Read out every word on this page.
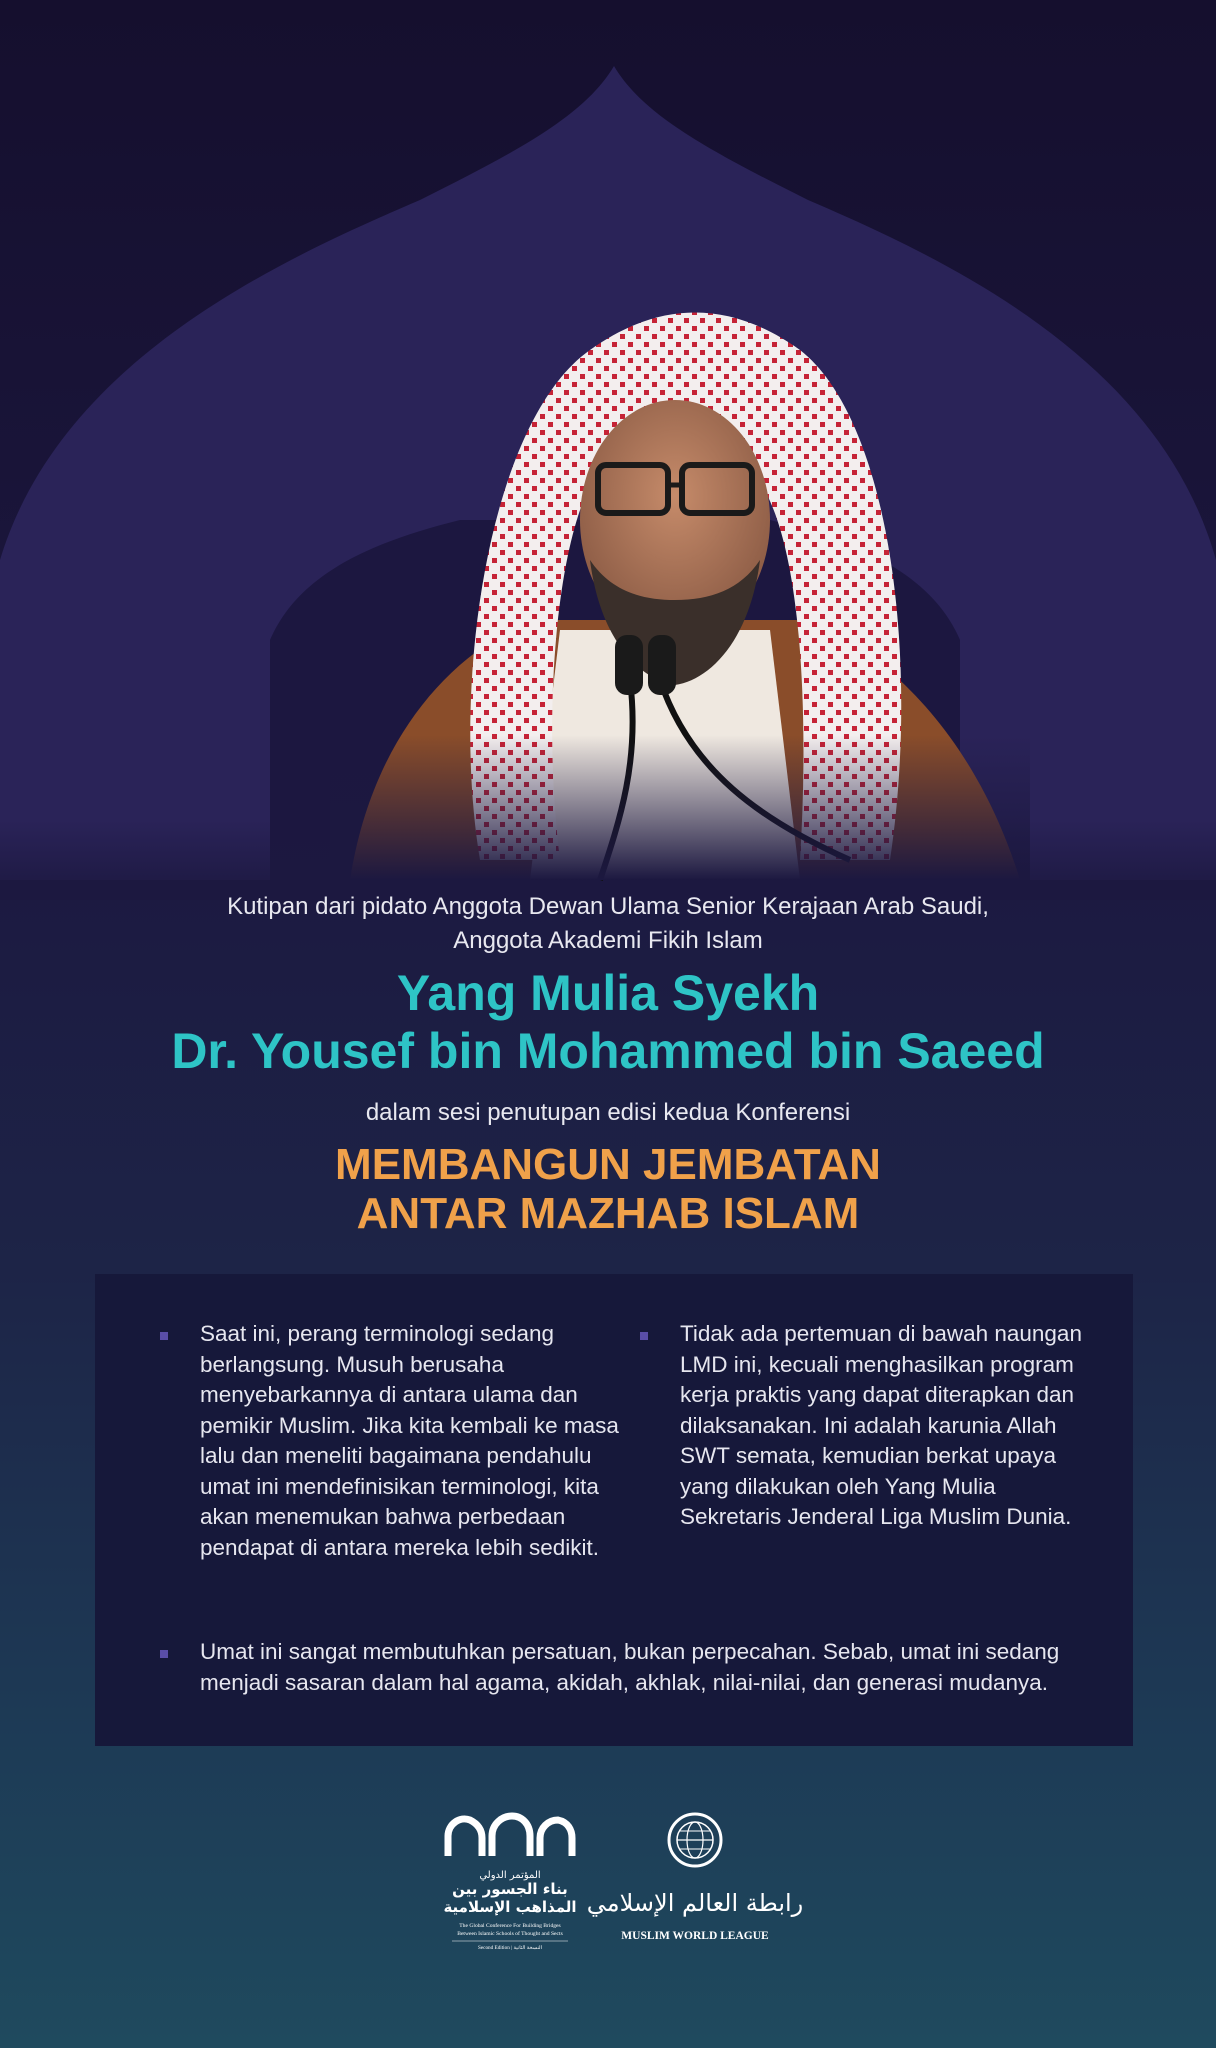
Kutipan dari pidato Anggota Dewan Ulama Senior Kerajaan Arab Saudi,
Anggota Akademi Fikih Islam
Yang Mulia Syekh
Dr. Yousef bin Mohammed bin Saeed
dalam sesi penutupan edisi kedua Konferensi
MEMBANGUN JEMBATAN
ANTAR MAZHAB ISLAM
Saat ini, perang terminologi sedang berlangsung. Musuh berusaha menyebarkannya di antara ulama dan pemikir Muslim. Jika kita kembali ke masa lalu dan meneliti bagaimana pendahulu umat ini mendefinisikan terminologi, kita akan menemukan bahwa perbedaan pendapat di antara mereka lebih sedikit.
Tidak ada pertemuan di bawah naungan LMD ini, kecuali menghasilkan program kerja praktis yang dapat diterapkan dan dilaksanakan. Ini adalah karunia Allah SWT semata, kemudian berkat upaya yang dilakukan oleh Yang Mulia Sekretaris Jenderal Liga Muslim Dunia.
Umat ini sangat membutuhkan persatuan, bukan perpecahan. Sebab, umat ini sedang menjadi sasaran dalam hal agama, akidah, akhlak, nilai-nilai, dan generasi mudanya.
المؤتمر الدولي
بناء الجسور بين
المذاهب الإسلامية
The Global Conference For Building Bridges
Between Islamic Schools of Thought and Sects
Second Edition | النسخة الثانية
رابطة العالم الإسلامي
MUSLIM WORLD LEAGUE
